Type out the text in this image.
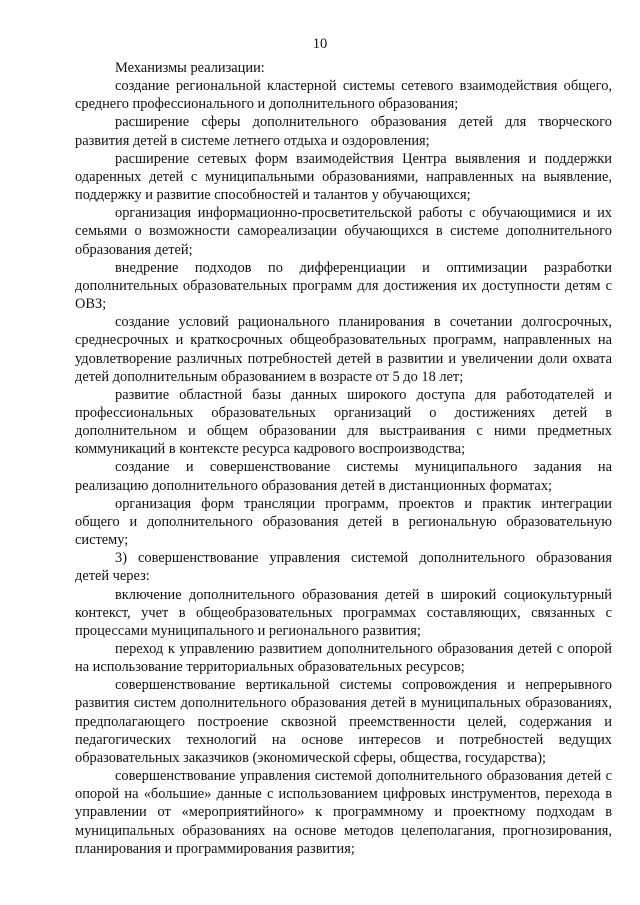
10

Механизмы реализации:

создание региональной кластерной системы сетевого взаимодействия общего, среднего профессионального и дополнительного образования;

расширение сферы дополнительного образования детей для творческого развития детей в системе летнего отдыха и оздоровления;

расширение сетевых форм взаимодействия Центра выявления и поддержки одаренных детей с муниципальными образованиями, направленных на выявление, поддержку и развитие способностей и талантов у обучающихся;

организация информационно-просветительской работы с обучающимися и их семьями о возможности самореализации обучающихся в системе дополнительного образования детей;

внедрение подходов по дифференциации и оптимизации разработки дополнительных образовательных программ для достижения их доступности детям с ОВЗ;

создание условий рационального планирования в сочетании долгосрочных, среднесрочных и краткосрочных общеобразовательных программ, направленных на удовлетворение различных потребностей детей в развитии и увеличении доли охвата детей дополнительным образованием в возрасте от 5 до 18 лет;

развитие областной базы данных широкого доступа для работодателей и профессиональных образовательных организаций о достижениях детей в дополнительном и общем образовании для выстраивания с ними предметных коммуникаций в контексте ресурса кадрового воспроизводства;

создание и совершенствование системы муниципального задания на реализацию дополнительного образования детей в дистанционных форматах;

организация форм трансляции программ, проектов и практик интеграции общего и дополнительного образования детей в региональную образовательную систему;

3) совершенствование управления системой дополнительного образования детей через:

включение дополнительного образования детей в широкий социокультурный контекст, учет в общеобразовательных программах составляющих, связанных с процессами муниципального и регионального развития;

переход к управлению развитием дополнительного образования детей с опорой на использование территориальных образовательных ресурсов;

совершенствование вертикальной системы сопровождения и непрерывного развития систем дополнительного образования детей в муниципальных образованиях, предполагающего построение сквозной преемственности целей, содержания и педагогических технологий на основе интересов и потребностей ведущих образовательных заказчиков (экономической сферы, общества, государства);

совершенствование управления системой дополнительного образования детей с опорой на «большие» данные с использованием цифровых инструментов, перехода в управлении от «мероприятийного» к программному и проектному подходам в муниципальных образованиях на основе методов целеполагания, прогнозирования, планирования и программирования развития;
